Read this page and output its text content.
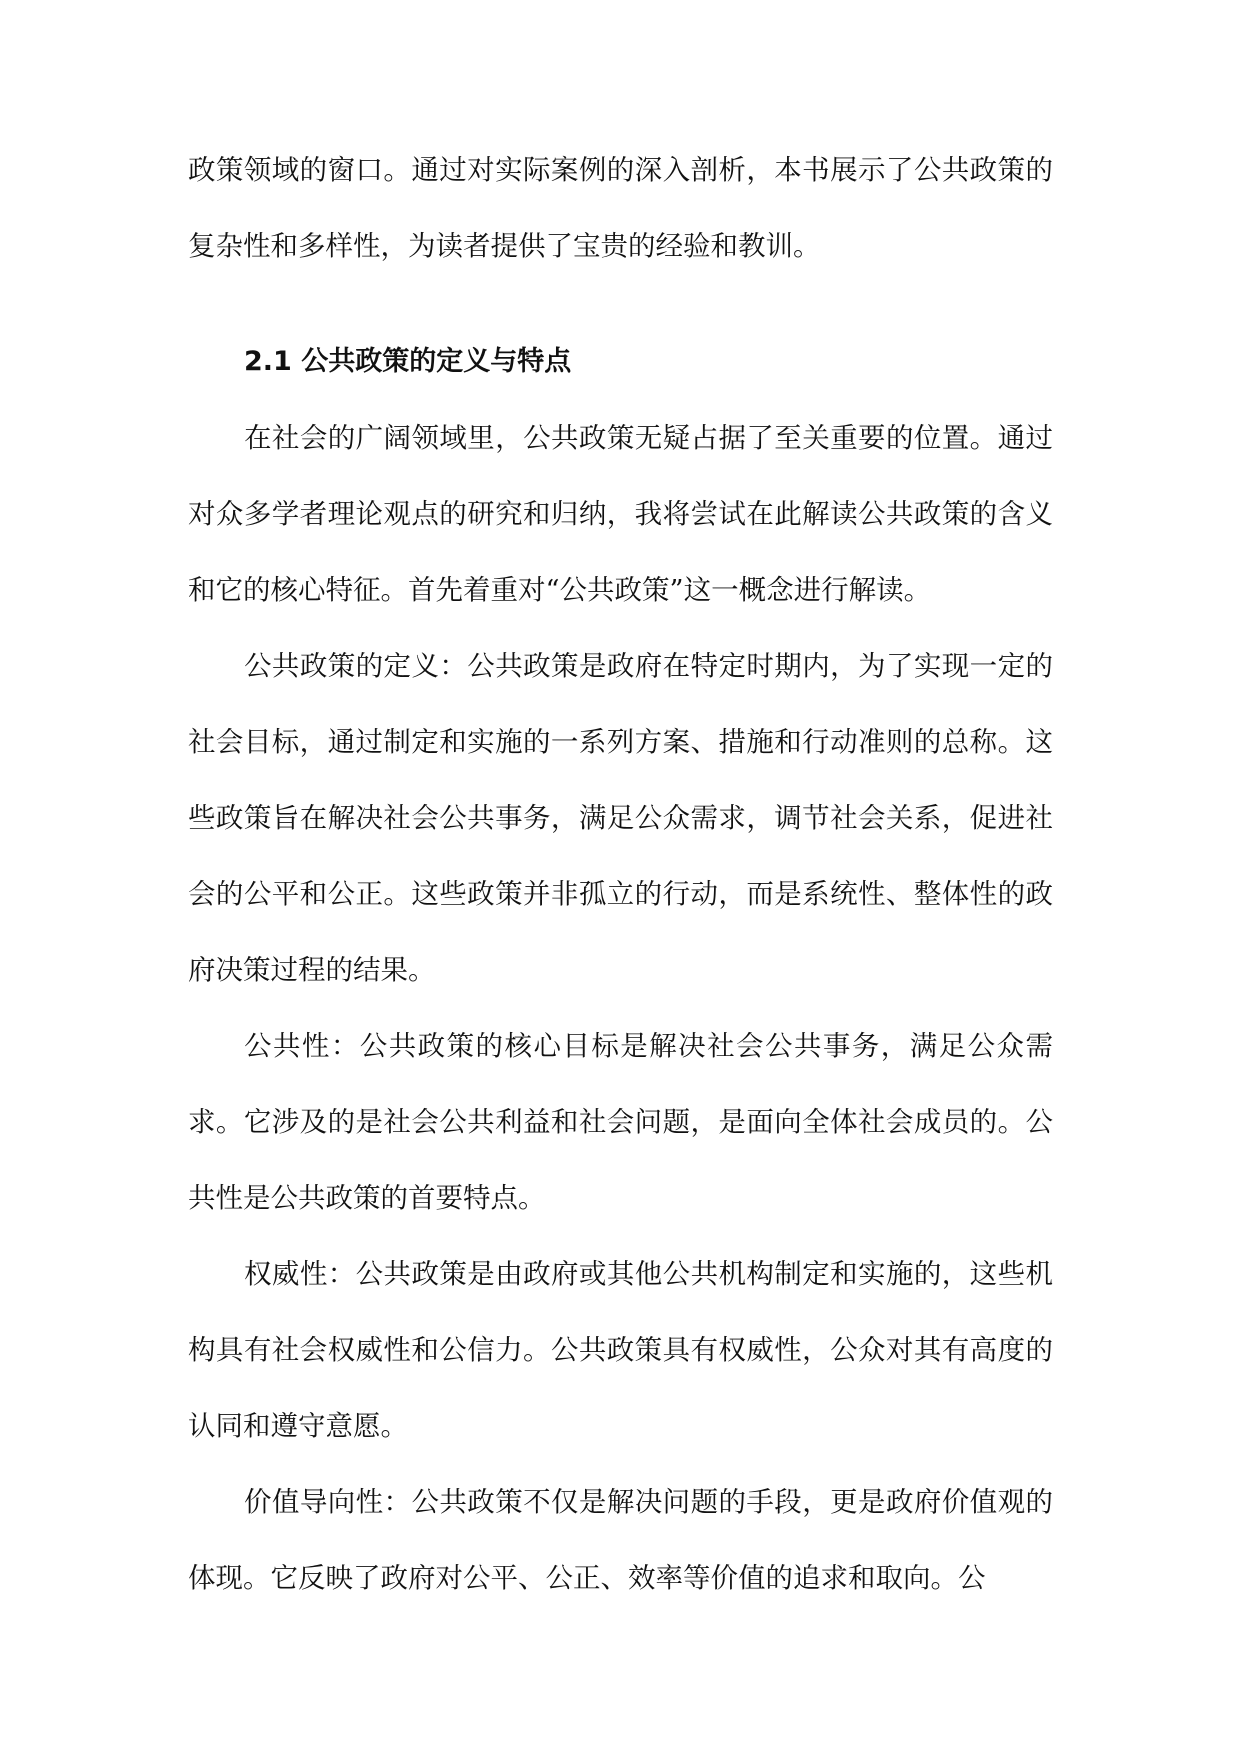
政策领域的窗口。通过对实际案例的深入剖析，本书展示了公共政策的复杂性和多样性，为读者提供了宝贵的经验和教训。

2.1 公共政策的定义与特点

在社会的广阔领域里，公共政策无疑占据了至关重要的位置。通过对众多学者理论观点的研究和归纳，我将尝试在此解读公共政策的含义和它的核心特征。首先着重对“公共政策”这一概念进行解读。

公共政策的定义：公共政策是政府在特定时期内，为了实现一定的社会目标，通过制定和实施的一系列方案、措施和行动准则的总称。这些政策旨在解决社会公共事务，满足公众需求，调节社会关系，促进社会的公平和公正。这些政策并非孤立的行动，而是系统性、整体性的政府决策过程的结果。

公共性：公共政策的核心目标是解决社会公共事务，满足公众需求。它涉及的是社会公共利益和社会问题，是面向全体社会成员的。公共性是公共政策的首要特点。

权威性：公共政策是由政府或其他公共机构制定和实施的，这些机构具有社会权威性和公信力。公共政策具有权威性，公众对其有高度的认同和遵守意愿。

价值导向性：公共政策不仅是解决问题的手段，更是政府价值观的体现。它反映了政府对公平、公正、效率等价值的追求和取向。公
